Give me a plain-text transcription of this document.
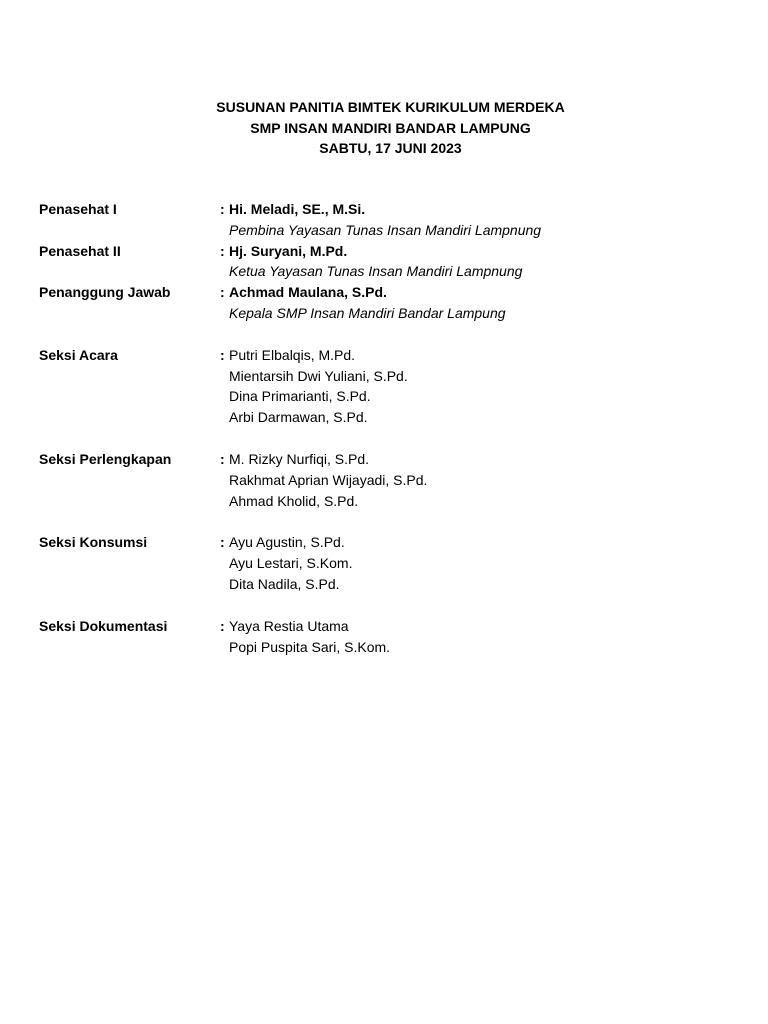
SUSUNAN PANITIA BIMTEK KURIKULUM MERDEKA
SMP INSAN MANDIRI BANDAR LAMPUNG
SABTU, 17 JUNI 2023
Penasehat I	: Hi. Meladi, SE., M.Si.
Pembina Yayasan Tunas Insan Mandiri Lampnung
Penasehat II	: Hj. Suryani, M.Pd.
Ketua Yayasan Tunas Insan Mandiri Lampnung
Penanggung Jawab	: Achmad Maulana, S.Pd.
Kepala SMP Insan Mandiri Bandar Lampung
Seksi Acara	: Putri Elbalqis, M.Pd.
Mientarsih Dwi Yuliani, S.Pd.
Dina Primarianti, S.Pd.
Arbi Darmawan, S.Pd.
Seksi Perlengkapan	: M. Rizky Nurfiqi, S.Pd.
Rakhmat Aprian Wijayadi, S.Pd.
Ahmad Kholid, S.Pd.
Seksi Konsumsi	: Ayu Agustin, S.Pd.
Ayu Lestari, S.Kom.
Dita Nadila, S.Pd.
Seksi Dokumentasi	: Yaya Restia Utama
Popi Puspita Sari, S.Kom.
